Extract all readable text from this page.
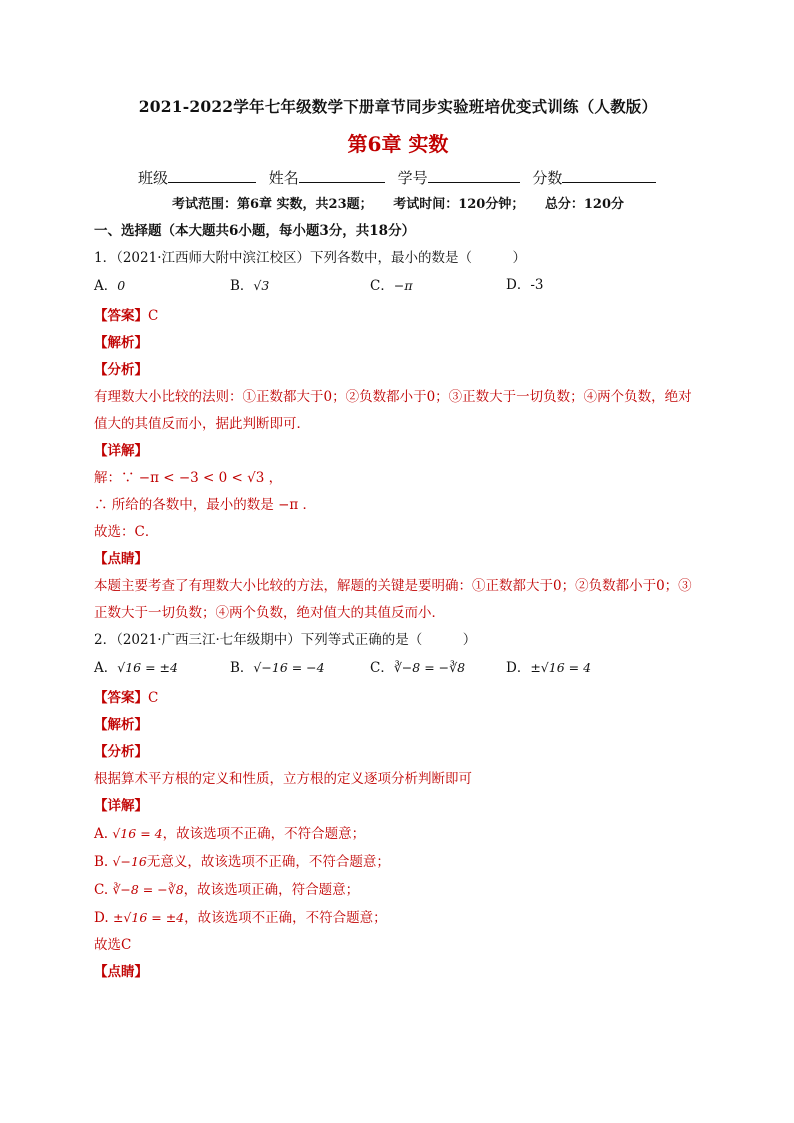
2021-2022学年七年级数学下册章节同步实验班培优变式训练（人教版）
第6章 实数
班级	姓名	学号	分数
考试范围：第6章 实数，共23题； 考试时间：120分钟； 总分：120分
一、选择题（本大题共6小题，每小题3分，共18分）
1．（2021·江西师大附中滨江校区）下列各数中，最小的数是（　　　）
A．0	B．√3	C．−π	D．-3
【答案】C
【解析】
【分析】
有理数大小比较的法则：①正数都大于0；②负数都小于0；③正数大于一切负数；④两个负数，绝对值大的其值反而小，据此判断即可．
【详解】
解：∵ −π < −3 < 0 < √3 ，
∴ 所给的各数中，最小的数是 −π ．
故选：C．
【点睛】
本题主要考查了有理数大小比较的方法，解题的关键是要明确：①正数都大于0；②负数都小于0；③正数大于一切负数；④两个负数，绝对值大的其值反而小．
2．（2021·广西三江·七年级期中）下列等式正确的是（　　　）
A．√16 = ±4	B．√−16 = −4	C．∛−8 = −∛8	D．±√16 = 4
【答案】C
【解析】
【分析】
根据算术平方根的定义和性质，立方根的定义逐项分析判断即可
【详解】
A. √16 = 4，故该选项不正确，不符合题意；
B. √−16无意义，故该选项不正确，不符合题意；
C. ∛−8 = −∛8，故该选项正确，符合题意；
D. ±√16 = ±4，故该选项不正确，不符合题意；
故选C
【点睛】
